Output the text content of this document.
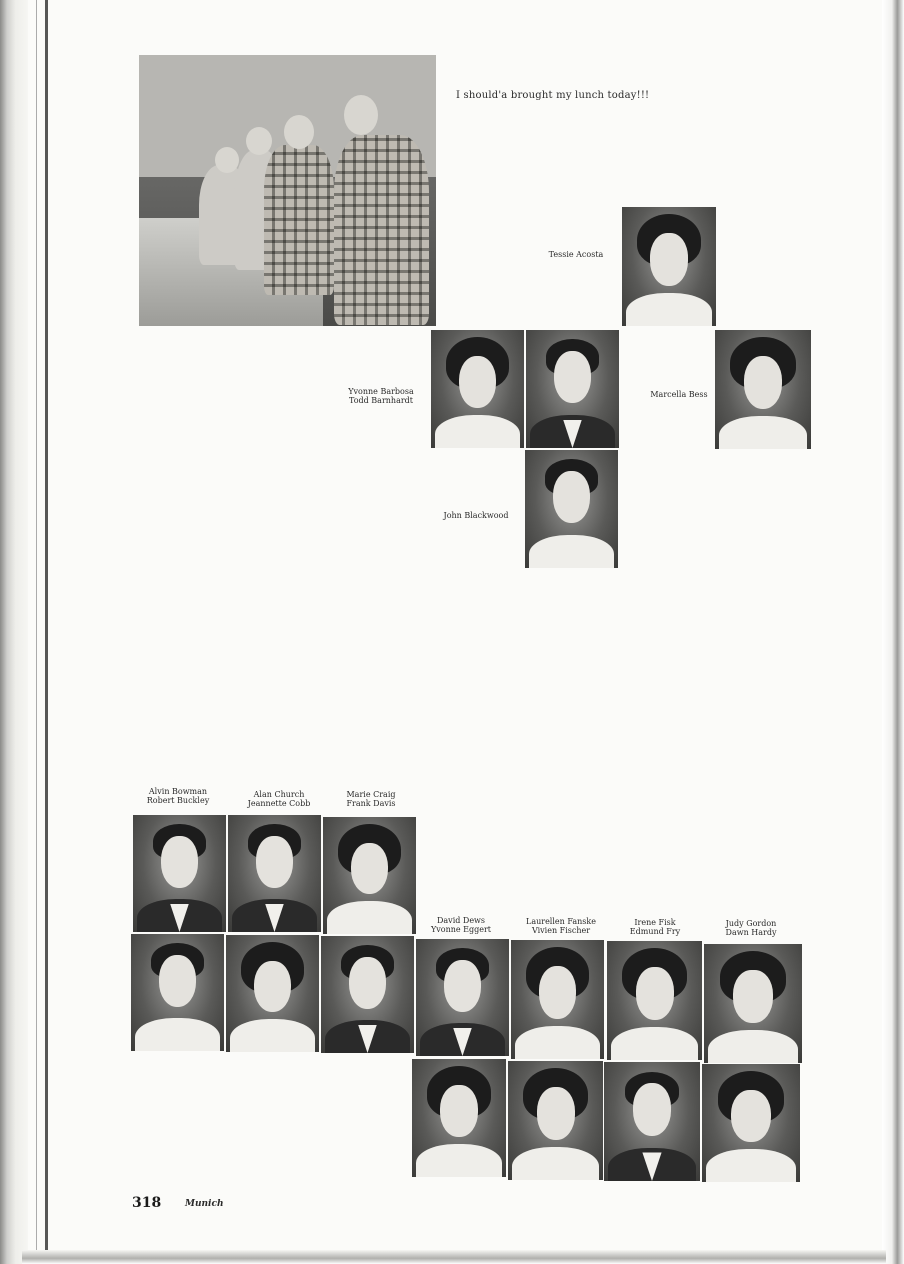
I should'a brought my lunch today!!!
Tessie Acosta
Yvonne Barbosa
Todd Barnhardt
Marcella Bess
John Blackwood
Alvin Bowman
Robert Buckley
Alan Church
Jeannette Cobb
Marie Craig
Frank Davis
David Dews
Yvonne Eggert
Laurellen Fanske
Vivien Fischer
Irene Fisk
Edmund Fry
Judy Gordon
Dawn Hardy
318	Munich
